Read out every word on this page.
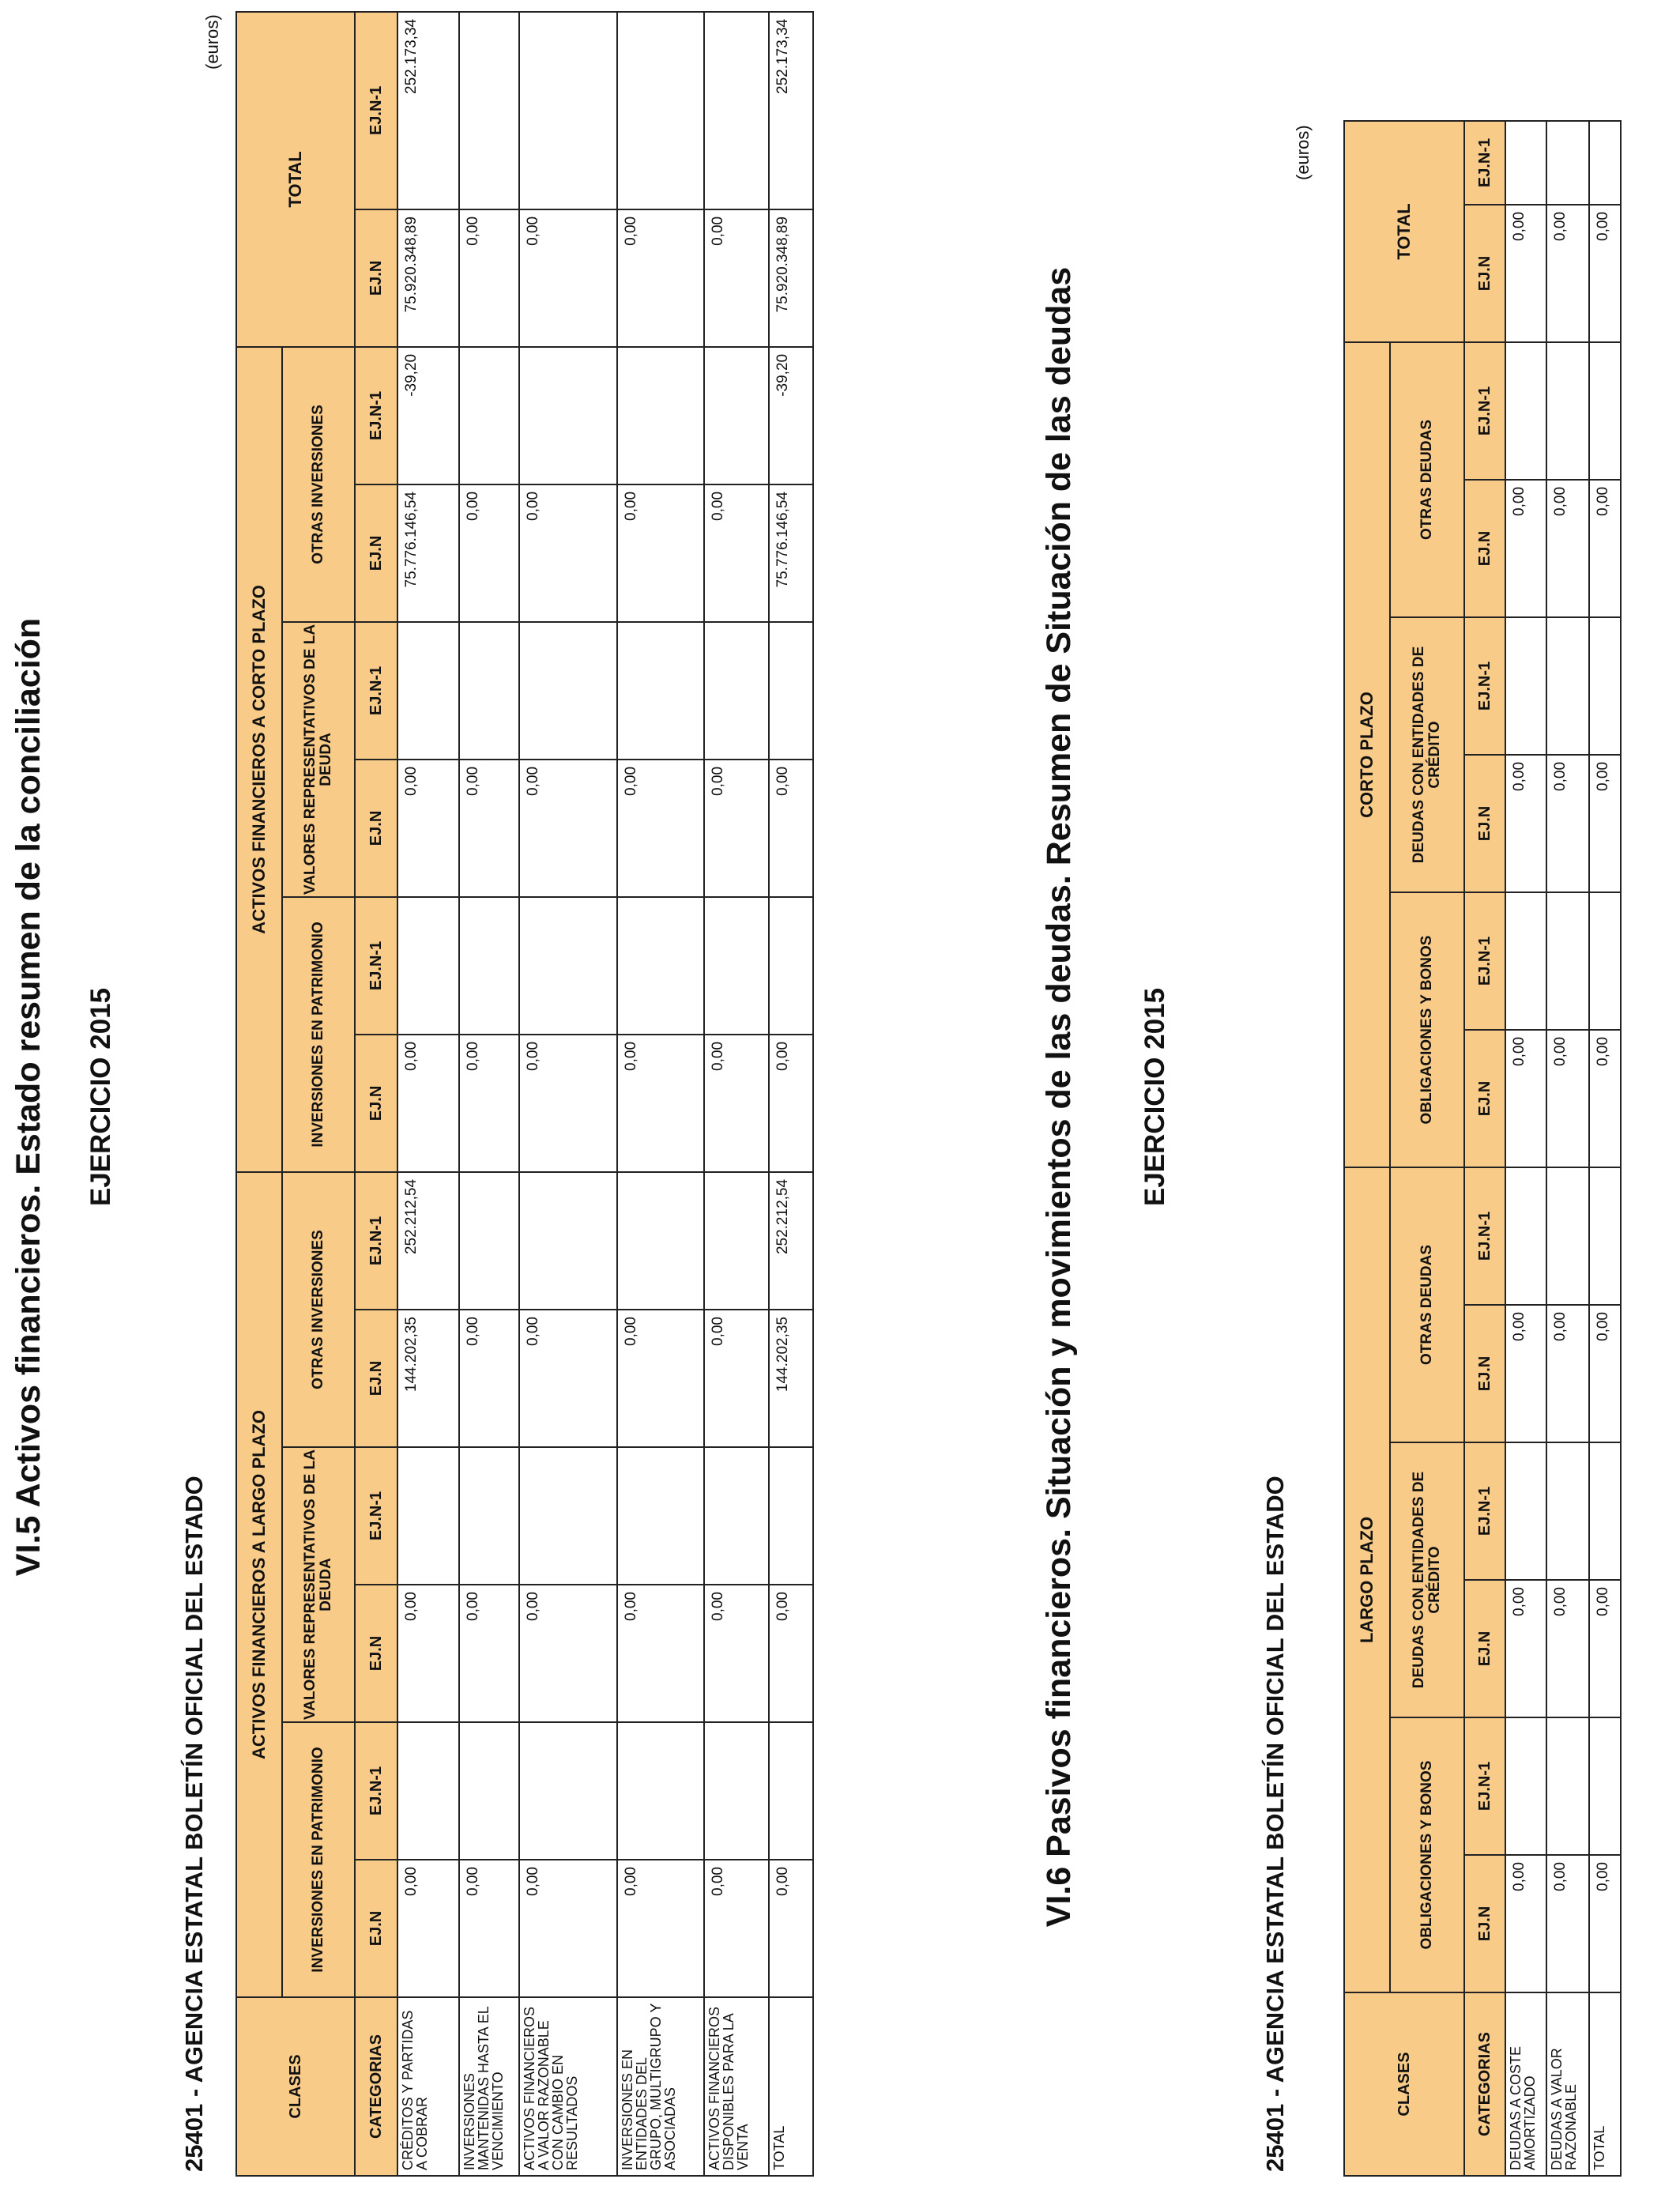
VI.5 Activos financieros. Estado resumen de la conciliación EJERCICIO 2015
25401 - AGENCIA ESTATAL BOLETÍN OFICIAL DEL ESTADO
(euros)
CLASES	ACTIVOS FINANCIEROS A LARGO PLAZO						ACTIVOS FINANCIEROS A CORTO PLAZO						TOTAL	
	INVERSIONES EN PATRIMONIO		VALORES REPRESENTATIVOS DE LA DEUDA		OTRAS INVERSIONES		INVERSIONES EN PATRIMONIO		VALORES REPRESENTATIVOS DE LA DEUDA		OTRAS INVERSIONES			
CATEGORIAS	EJ.N	EJ.N-1	EJ.N	EJ.N-1	EJ.N	EJ.N-1	EJ.N	EJ.N-1	EJ.N	EJ.N-1	EJ.N	EJ.N-1	EJ.N	EJ.N-1
CRÉDITOS Y PARTIDAS A COBRAR	0,00		0,00		144.202,35	252.212,54	0,00		0,00		75.776.146,54	-39,20	75.920.348,89	252.173,34
INVERSIONES MANTENIDAS HASTA EL VENCIMIENTO	0,00		0,00		0,00		0,00		0,00		0,00		0,00	
ACTIVOS FINANCIEROS A VALOR RAZONABLE CON CAMBIO EN RESULTADOS	0,00		0,00		0,00		0,00		0,00		0,00		0,00	
INVERSIONES EN ENTIDADES DEL GRUPO, MULTIGRUPO Y ASOCIADAS	0,00		0,00		0,00		0,00		0,00		0,00		0,00	
ACTIVOS FINANCIEROS DISPONIBLES PARA LA VENTA	0,00		0,00		0,00		0,00		0,00		0,00		0,00	
TOTAL	0,00		0,00		144.202,35	252.212,54	0,00		0,00		75.776.146,54	-39,20	75.920.348,89	252.173,34
VI.6 Pasivos financieros. Situación y movimientos de las deudas. Resumen de Situación de las deudas EJERCICIO 2015
25401 - AGENCIA ESTATAL BOLETÍN OFICIAL DEL ESTADO
(euros)
CLASES	LARGO PLAZO						CORTO PLAZO						TOTAL	
	OBLIGACIONES Y BONOS		DEUDAS CON ENTIDADES DE CRÉDITO		OTRAS DEUDAS		OBLIGACIONES Y BONOS		DEUDAS CON ENTIDADES DE CRÉDITO		OTRAS DEUDAS			
CATEGORIAS	EJ.N	EJ.N-1	EJ.N	EJ.N-1	EJ.N	EJ.N-1	EJ.N	EJ.N-1	EJ.N	EJ.N-1	EJ.N	EJ.N-1	EJ.N	EJ.N-1
DEUDAS A COSTE AMORTIZADO	0,00		0,00		0,00		0,00		0,00		0,00		0,00	
DEUDAS A VALOR RAZONABLE	0,00		0,00		0,00		0,00		0,00		0,00		0,00	
TOTAL	0,00		0,00		0,00		0,00		0,00		0,00		0,00	
